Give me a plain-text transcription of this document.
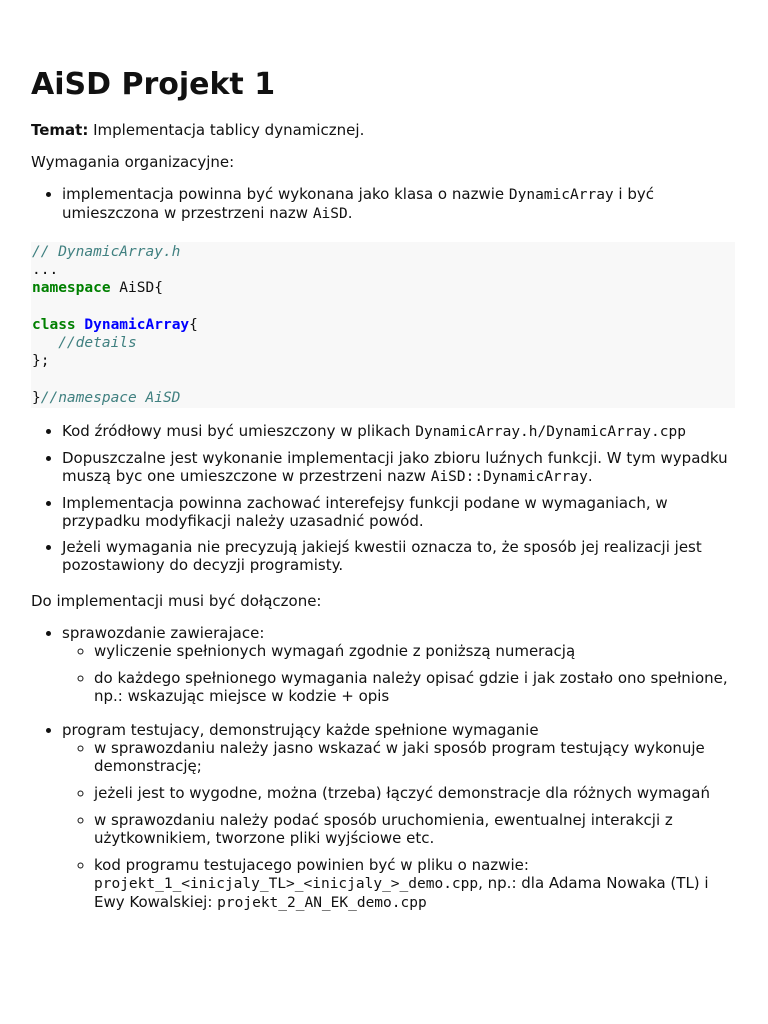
AiSD Projekt 1

Temat: Implementacja tablicy dynamicznej.

Wymagania organizacyjne:

• implementacja powinna być wykonana jako klasa o nazwie DynamicArray i być umieszczona w przestrzeni nazw AiSD.
// DynamicArray.h
...
namespace AiSD{

class DynamicArray{
//details
};

}//namespace AiSD
• Kod źródłowy musi być umieszczony w plikach DynamicArray.h/DynamicArray.cpp
• Dopuszczalne jest wykonanie implementacji jako zbioru luźnych funkcji. W tym wypadku muszą byc one umieszczone w przestrzeni nazw AiSD::DynamicArray.
• Implementacja powinna zachować interefejsy funkcji podane w wymaganiach, w przypadku modyfikacji należy uzasadnić powód.
• Jeżeli wymagania nie precyzują jakiejś kwestii oznacza to, że sposób jej realizacji jest pozostawiony do decyzji programisty.

Do implementacji musi być dołączone:

• sprawozdanie zawierajace:
◦ wyliczenie spełnionych wymagań zgodnie z poniższą numeracją
◦ do każdego spełnionego wymagania należy opisać gdzie i jak zostało ono spełnione, np.: wskazując miejsce w kodzie + opis
• program testujacy, demonstrujący każde spełnione wymaganie
◦ w sprawozdaniu należy jasno wskazać w jaki sposób program testujący wykonuje demonstrację;
◦ jeżeli jest to wygodne, można (trzeba) łączyć demonstracje dla różnych wymagań
◦ w sprawozdaniu należy podać sposób uruchomienia, ewentualnej interakcji z użytkownikiem, tworzone pliki wyjściowe etc.
◦ kod programu testujacego powinien być w pliku o nazwie: projekt_1_<inicjaly_TL>_<inicjaly_>_demo.cpp, np.: dla Adama Nowaka (TL) i Ewy Kowalskiej: projekt_2_AN_EK_demo.cpp
